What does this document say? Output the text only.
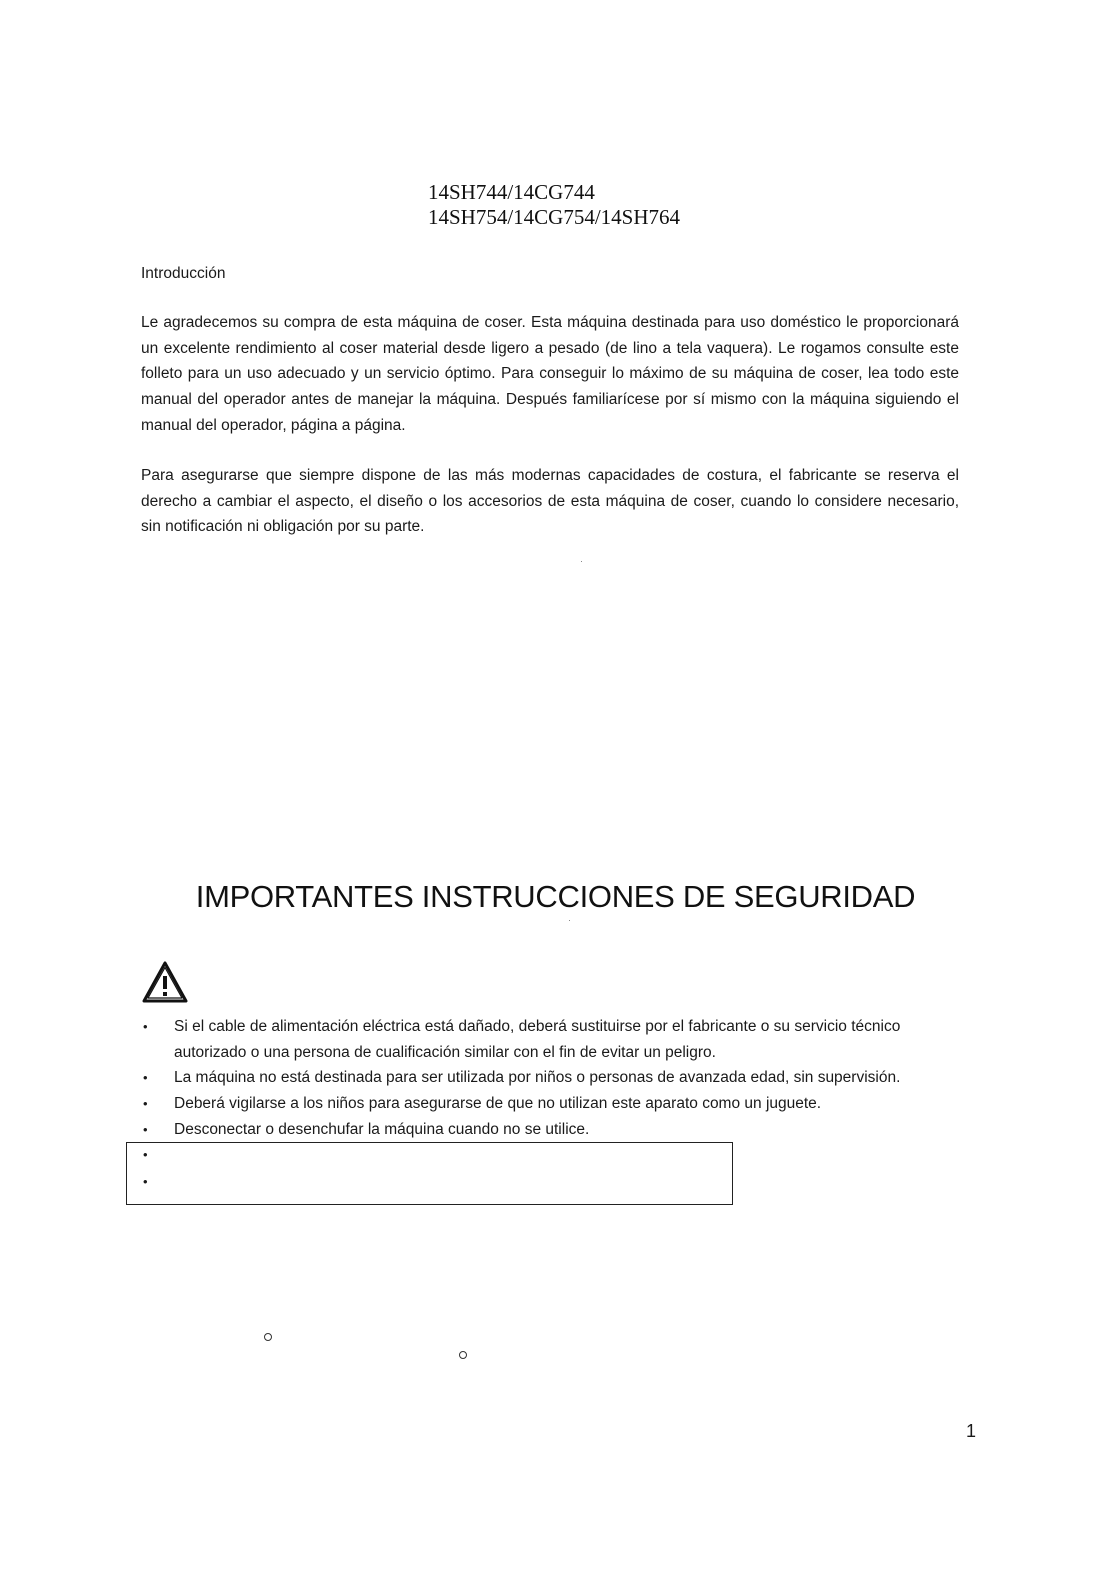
14SH744/14CG744
14SH754/14CG754/14SH764
Introducción
Le agradecemos su compra de esta máquina de coser. Esta máquina destinada para uso doméstico le proporcionará un excelente rendimiento al coser material desde ligero a pesado (de lino a tela vaquera). Le rogamos consulte este folleto para un uso adecuado y un servicio óptimo. Para conseguir lo máximo de su máquina de coser, lea todo este manual del operador antes de manejar la máquina. Después familiarícese por sí mismo con la máquina siguiendo el manual del operador, página a página.
Para asegurarse que siempre dispone de las más modernas capacidades de costura, el fabricante se reserva el derecho a cambiar el aspecto, el diseño o los accesorios de esta máquina de coser, cuando lo considere necesario, sin notificación ni obligación por su parte.
IMPORTANTES INSTRUCCIONES DE SEGURIDAD
• Si el cable de alimentación eléctrica está dañado, deberá sustituirse por el fabricante o su servicio técnico autorizado o una persona de cualificación similar con el fin de evitar un peligro.
• La máquina no está destinada para ser utilizada por niños o personas de avanzada edad, sin supervisión.
• Deberá vigilarse a los niños para asegurarse de que no utilizan este aparato como un juguete.
• Desconectar o desenchufar la máquina cuando no se utilice.
•
•
1
